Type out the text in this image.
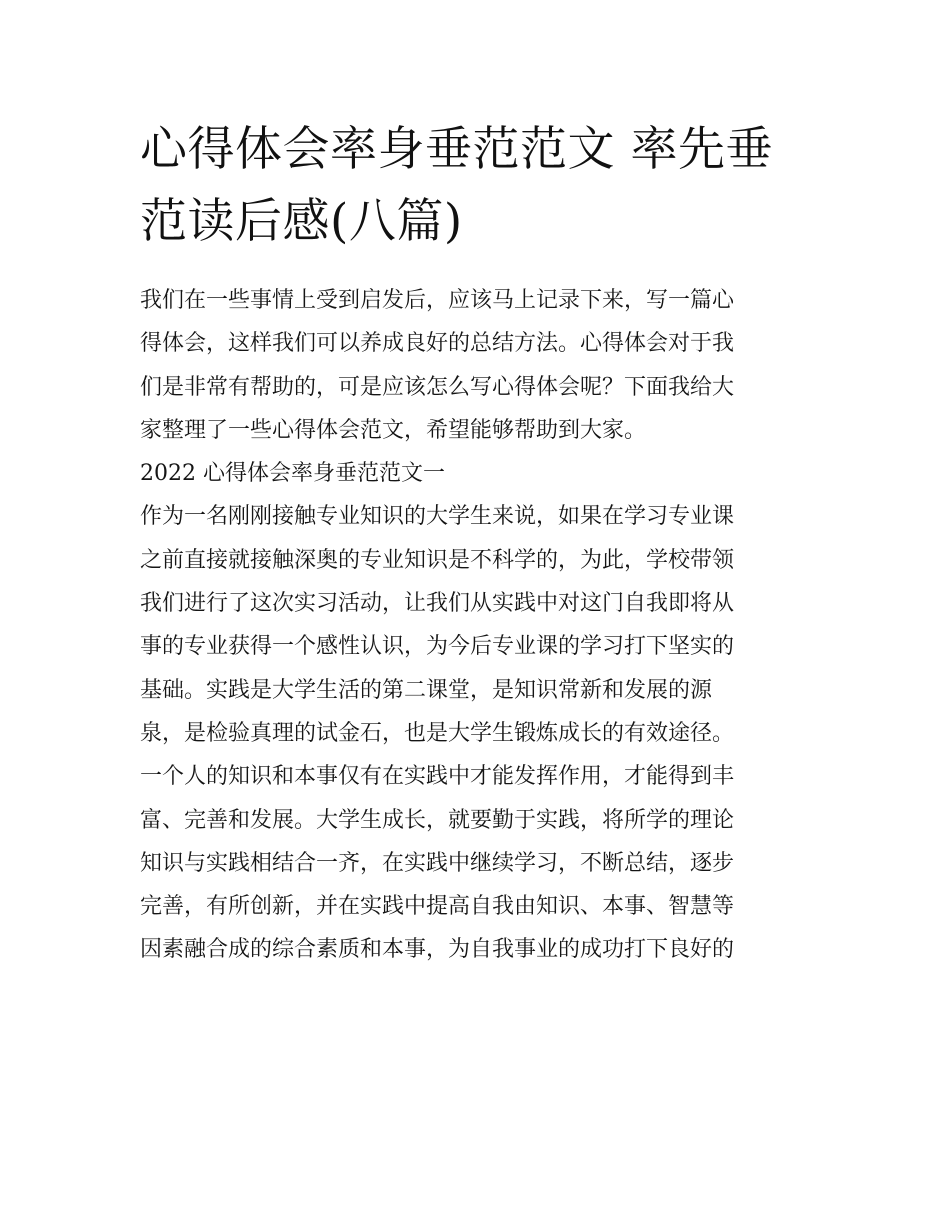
心得体会率身垂范范文 率先垂
范读后感(八篇)
我们在一些事情上受到启发后，应该马上记录下来，写一篇心
得体会，这样我们可以养成良好的总结方法。心得体会对于我
们是非常有帮助的，可是应该怎么写心得体会呢？下面我给大
家整理了一些心得体会范文，希望能够帮助到大家。
2022 心得体会率身垂范范文一
作为一名刚刚接触专业知识的大学生来说，如果在学习专业课
之前直接就接触深奥的专业知识是不科学的，为此，学校带领
我们进行了这次实习活动，让我们从实践中对这门自我即将从
事的专业获得一个感性认识，为今后专业课的学习打下坚实的
基础。实践是大学生活的第二课堂，是知识常新和发展的源
泉，是检验真理的试金石，也是大学生锻炼成长的有效途径。
一个人的知识和本事仅有在实践中才能发挥作用，才能得到丰
富、完善和发展。大学生成长，就要勤于实践，将所学的理论
知识与实践相结合一齐，在实践中继续学习，不断总结，逐步
完善，有所创新，并在实践中提高自我由知识、本事、智慧等
因素融合成的综合素质和本事，为自我事业的成功打下良好的
